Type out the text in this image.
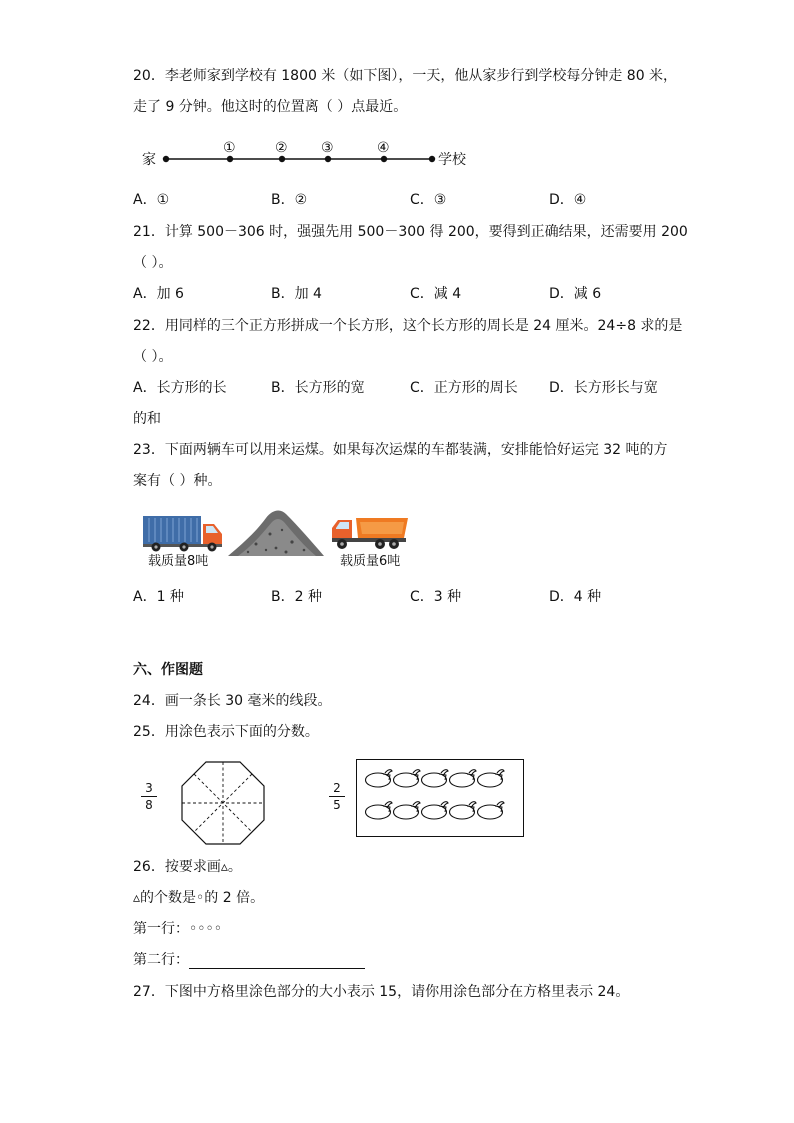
20．李老师家到学校有 1800 米（如下图），一天，他从家步行到学校每分钟走 80 米，
走了 9 分钟。他这时的位置离（ ）点最近。
家
①	② ③	④
学校
A．①	B．②	C．③	D．④
21．计算 500－306 时，强强先用 500－300 得 200，要得到正确结果，还需要用 200
（ ）。
A．加 6	B．加 4	C．减 4	D．减 6
22．用同样的三个正方形拼成一个长方形，这个长方形的周长是 24 厘米。24÷8 求的是
（ ）。
A．长方形的长	B．长方形的宽	C．正方形的周长 D．长方形长与宽
的和
23．下面两辆车可以用来运煤。如果每次运煤的车都装满，安排能恰好运完 32 吨的方
案有（ ）种。
载质量8吨	载质量6吨
A．1 种	B．2 种	C．3 种	D．4 种
六、作图题
24．画一条长 30 毫米的线段。
25．用涂色表示下面的分数。
3
8
2
5
26．按要求画▵。
▵的个数是◦的 2 倍。
第一行：◦◦◦◦
第二行：
27．下图中方格里涂色部分的大小表示 15，请你用涂色部分在方格里表示 24。
